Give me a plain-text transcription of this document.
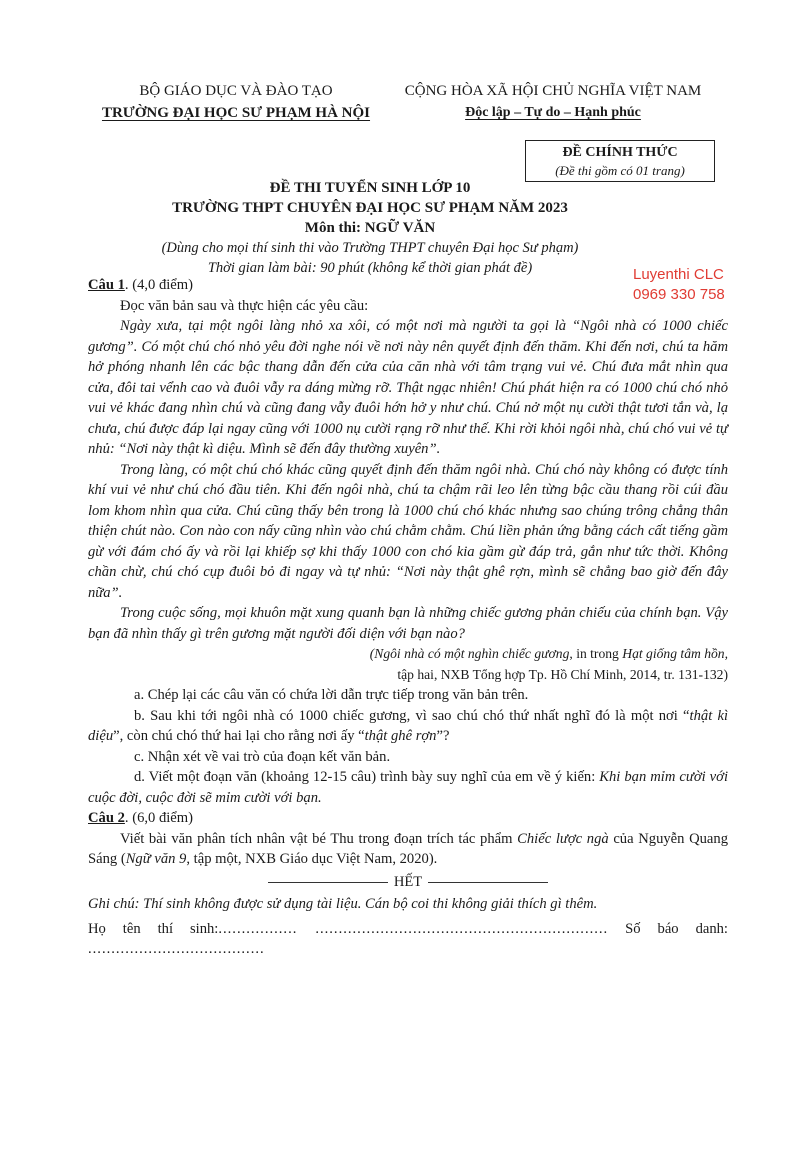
BỘ GIÁO DỤC VÀ ĐÀO TẠO
TRƯỜNG ĐẠI HỌC SƯ PHẠM HÀ NỘI
CỘNG HÒA XÃ HỘI CHỦ NGHĨA VIỆT NAM
Độc lập – Tự do – Hạnh phúc
ĐỀ CHÍNH THỨC
(Đề thi gồm có 01 trang)
ĐỀ THI TUYỂN SINH LỚP 10
TRƯỜNG THPT CHUYÊN ĐẠI HỌC SƯ PHẠM NĂM 2023
Môn thi: NGỮ VĂN
(Dùng cho mọi thí sinh thi vào Trường THPT chuyên Đại học Sư phạm)
Thời gian làm bài: 90 phút (không kể thời gian phát đề)	Luyenthi CLC
0969 330 758

Câu 1. (4,0 điểm)

Đọc văn bản sau và thực hiện các yêu cầu:

Ngày xưa, tại một ngôi làng nhỏ xa xôi, có một nơi mà người ta gọi là “Ngôi nhà có 1000 chiếc gương”. Có một chú chó nhỏ yêu đời nghe nói về nơi này nên quyết định đến thăm. Khi đến nơi, chú ta hăm hở phóng nhanh lên các bậc thang dẫn đến cửa của căn nhà với tâm trạng vui vẻ. Chú đưa mắt nhìn qua cửa, đôi tai vểnh cao và đuôi vẫy ra dáng mừng rỡ. Thật ngạc nhiên! Chú phát hiện ra có 1000 chú chó nhỏ vui vẻ khác đang nhìn chú và cũng đang vẫy đuôi hớn hở y như chú. Chú nở một nụ cười thật tươi tắn và, lạ chưa, chú được đáp lại ngay cũng với 1000 nụ cười rạng rỡ như thế. Khi rời khỏi ngôi nhà, chú chó vui vẻ tự nhủ: “Nơi này thật kì diệu. Mình sẽ đến đây thường xuyên”.

Trong làng, có một chú chó khác cũng quyết định đến thăm ngôi nhà. Chú chó này không có được tính khí vui vẻ như chú chó đầu tiên. Khi đến ngôi nhà, chú ta chậm rãi leo lên từng bậc cầu thang rồi cúi đầu lom khom nhìn qua cửa. Chú cũng thấy bên trong là 1000 chú chó khác nhưng sao chúng trông chẳng thân thiện chút nào. Con nào con nấy cũng nhìn vào chú chằm chằm. Chú liền phản ứng bằng cách cất tiếng gầm gừ với đám chó ấy và rồi lại khiếp sợ khi thấy 1000 con chó kia gầm gừ đáp trả, gắn như tức thời. Không chần chừ, chú chó cụp đuôi bỏ đi ngay và tự nhủ: “Nơi này thật ghê rợn, mình sẽ chẳng bao giờ đến đây nữa”.

Trong cuộc sống, mọi khuôn mặt xung quanh bạn là những chiếc gương phản chiếu của chính bạn. Vậy bạn đã nhìn thấy gì trên gương mặt người đối diện với bạn nào?

(Ngôi nhà có một nghìn chiếc gương, in trong Hạt giống tâm hồn,

tập hai, NXB Tổng hợp Tp. Hồ Chí Minh, 2014, tr. 131-132)

a. Chép lại các câu văn có chứa lời dẫn trực tiếp trong văn bản trên.

b. Sau khi tới ngôi nhà có 1000 chiếc gương, vì sao chú chó thứ nhất nghĩ đó là một nơi “thật kì diệu”, còn chú chó thứ hai lại cho rằng nơi ấy “thật ghê rợn”?

c. Nhận xét về vai trò của đoạn kết văn bản.

d. Viết một đoạn văn (khoảng 12-15 câu) trình bày suy nghĩ của em về ý kiến: Khi bạn mỉm cười với cuộc đời, cuộc đời sẽ mỉm cười với bạn.

Câu 2. (6,0 điểm)

Viết bài văn phân tích nhân vật bé Thu trong đoạn trích tác phẩm Chiếc lược ngà của Nguyễn Quang Sáng (Ngữ văn 9, tập một, NXB Giáo dục Việt Nam, 2020).

HẾT

Ghi chú: Thí sinh không được sử dụng tài liệu. Cán bộ coi thi không giải thích gì thêm.

Họ tên thí sinh:................. ............................................................... Số báo danh: ......................................
